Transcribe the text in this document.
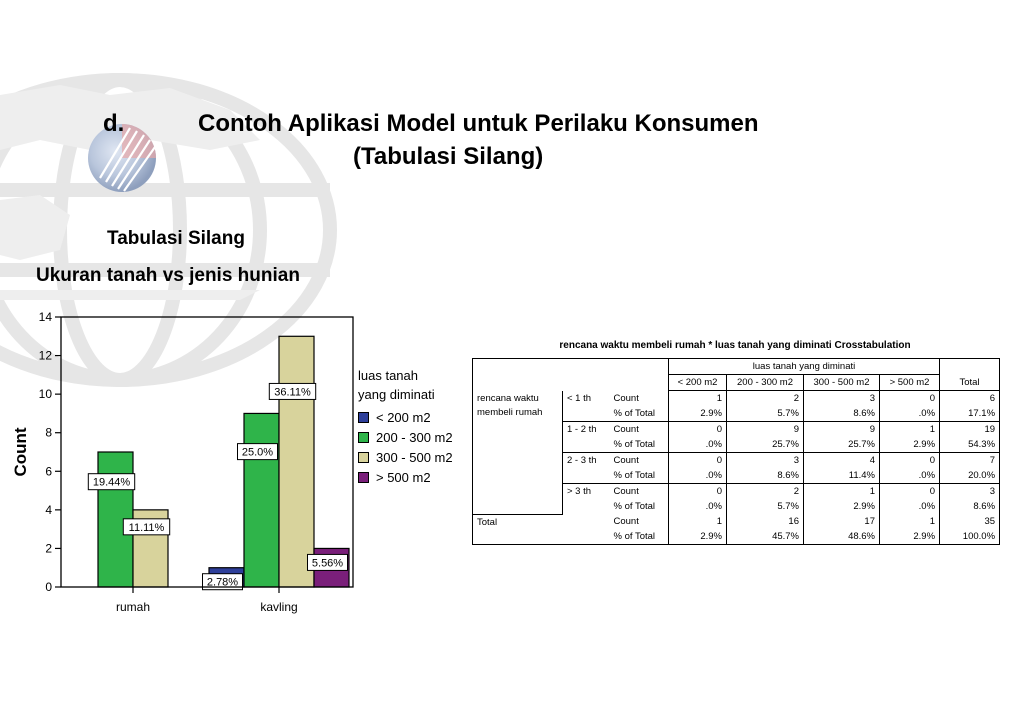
d.	Contoh Aplikasi Model untuk Perilaku Konsumen
(Tabulasi Silang)
Tabulasi Silang
Ukuran tanah vs jenis hunian
0
2
4
6
8
10
12
14
rumah	kavling
19.44%
11.11%
2.78%
25.0%
36.11%
5.56%
Count
luas tanah
yang diminati
< 200 m2
200 - 300 m2
300 - 500 m2
> 500 m2
rencana waktu membeli rumah * luas tanah yang diminati Crosstabulation
			luas tanah yang diminati				
			< 200 m2	200 - 300 m2	300 - 500 m2	> 500 m2	Total
rencana waktu membeli rumah	< 1 th	Count	1	2	3	0	6
		% of Total	2.9%	5.7%	8.6%	.0%	17.1%
	1 - 2 th	Count	0	9	9	1	19
		% of Total	.0%	25.7%	25.7%	2.9%	54.3%
	2 - 3 th	Count	0	3	4	0	7
		% of Total	.0%	8.6%	11.4%	.0%	20.0%
	> 3 th	Count	0	2	1	0	3
		% of Total	.0%	5.7%	2.9%	.0%	8.6%
Total		Count	1	16	17	1	35
		% of Total	2.9%	45.7%	48.6%	2.9%	100.0%
